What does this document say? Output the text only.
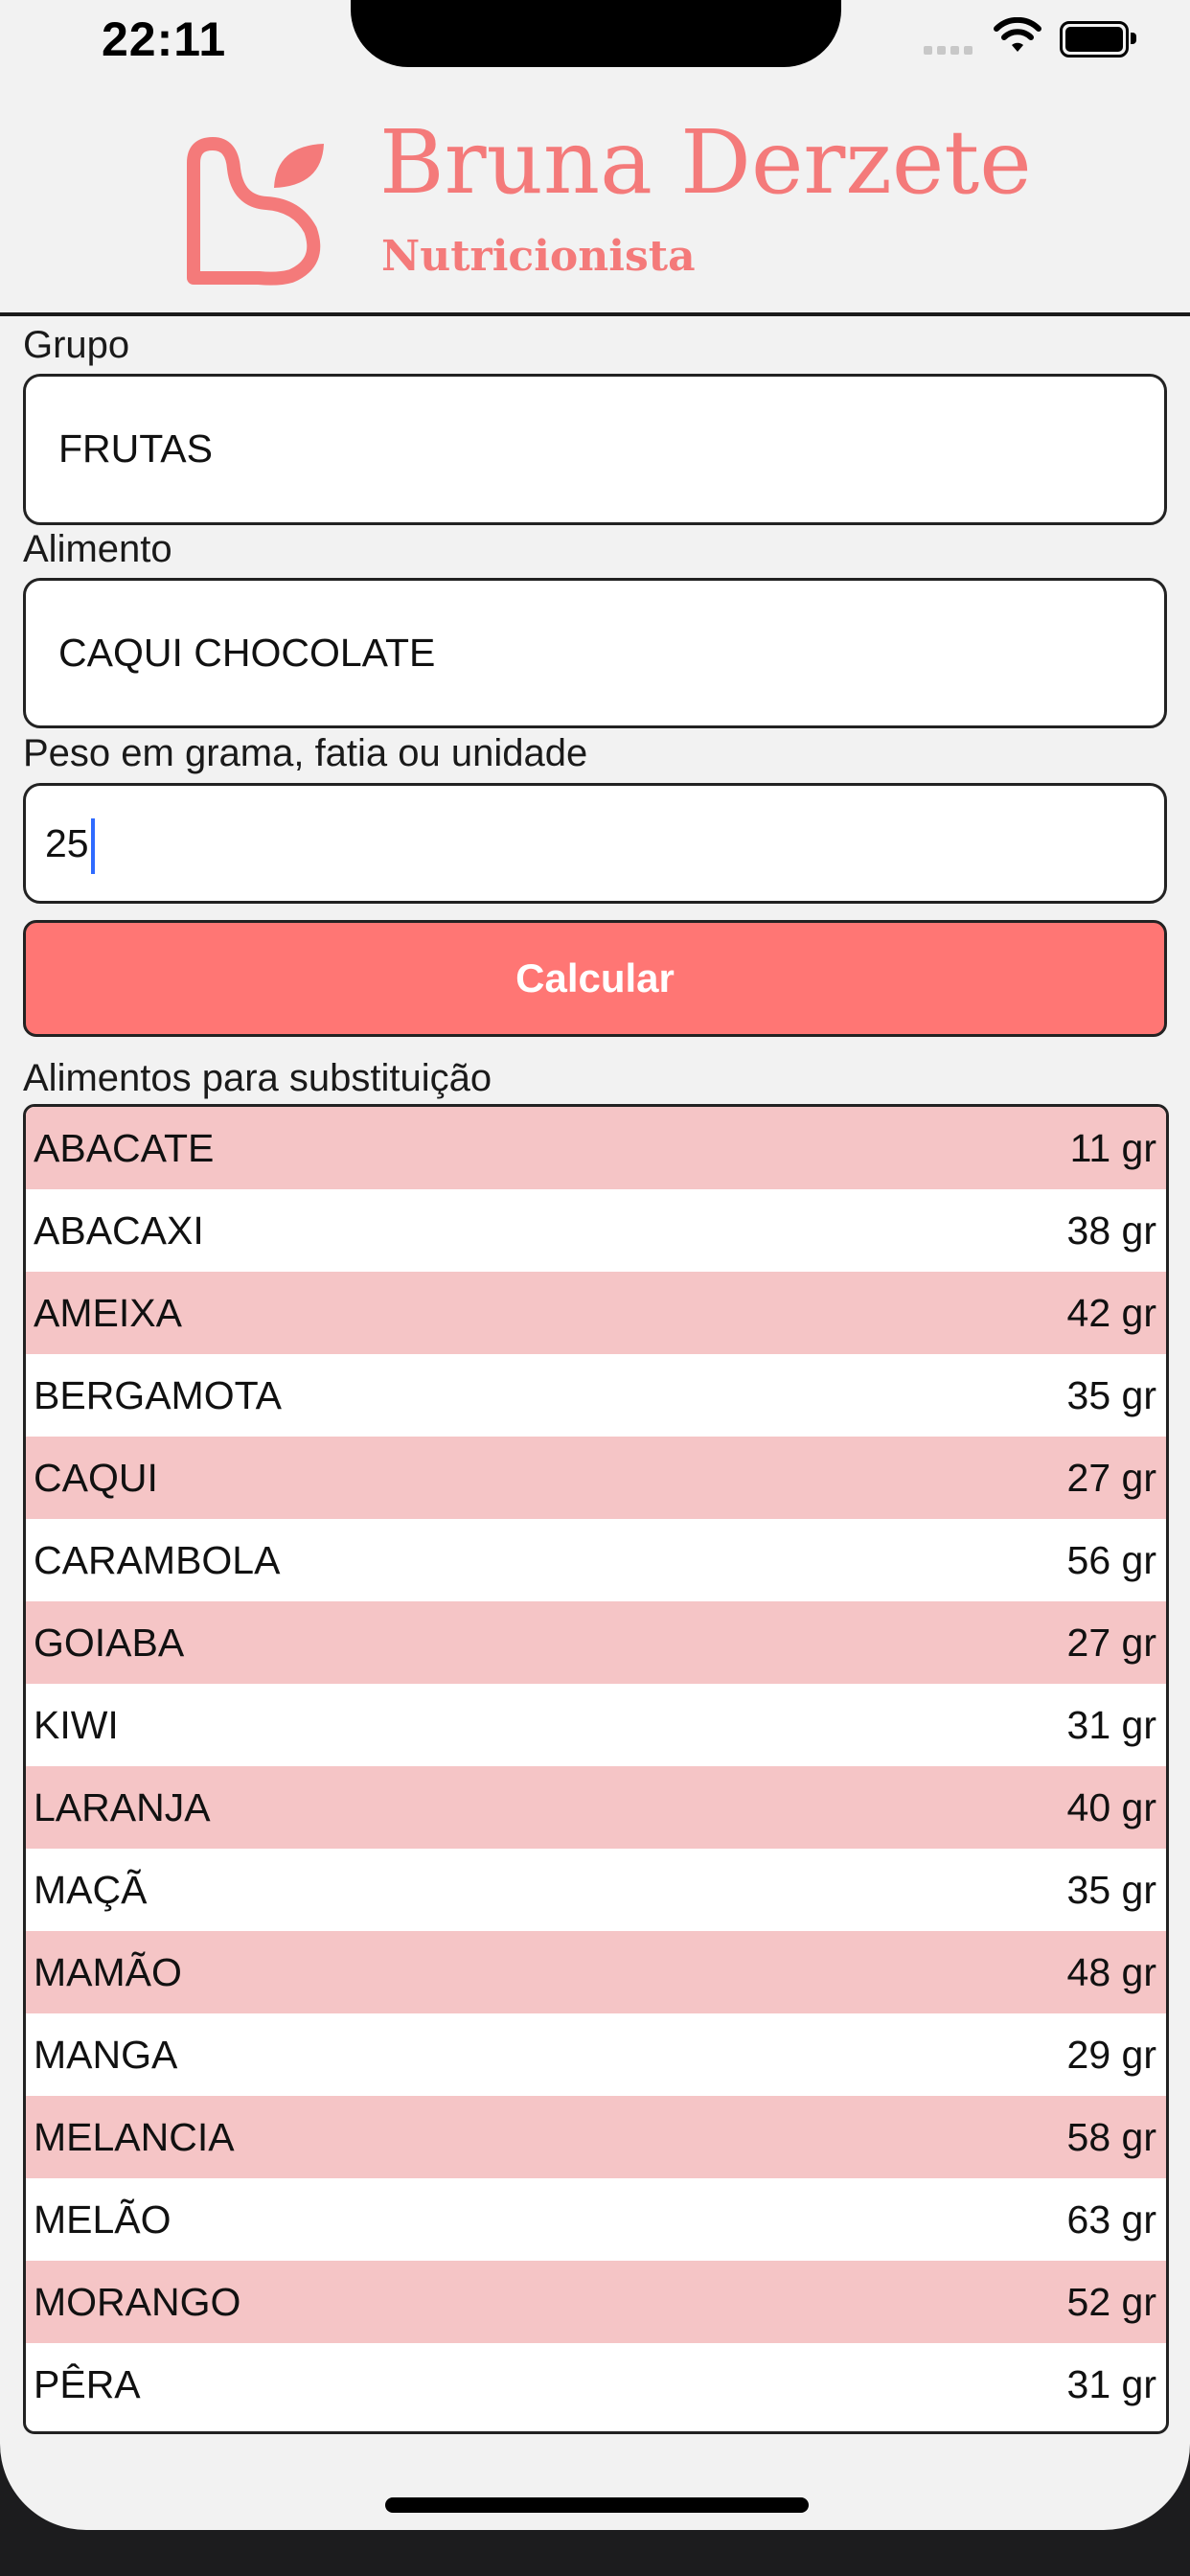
22:11
Bruna Derzete
Nutricionista
Grupo
FRUTAS
Alimento
CAQUI CHOCOLATE
Peso em grama, fatia ou unidade
25
Calcular
Alimentos para substituição
ABACATE	11 gr
ABACAXI	38 gr
AMEIXA	42 gr
BERGAMOTA	35 gr
CAQUI	27 gr
CARAMBOLA	56 gr
GOIABA	27 gr
KIWI	31 gr
LARANJA	40 gr
MAÇÃ	35 gr
MAMÃO	48 gr
MANGA	29 gr
MELANCIA	58 gr
MELÃO	63 gr
MORANGO	52 gr
PÊRA	31 gr
